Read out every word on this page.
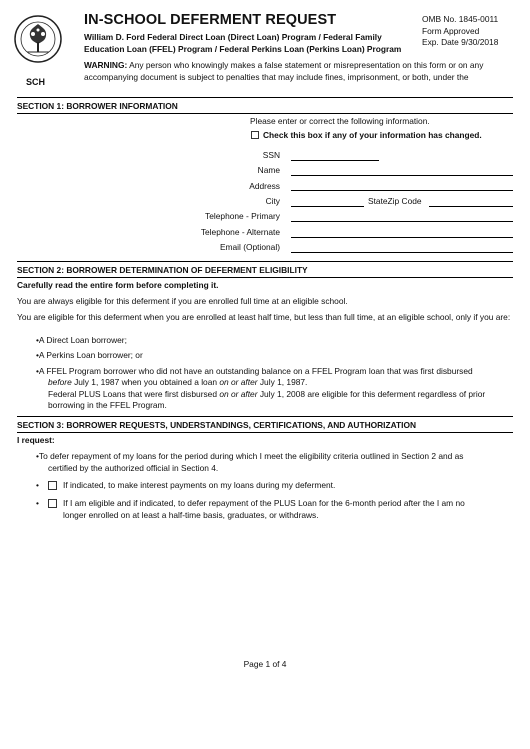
SCH
IN-SCHOOL DEFERMENT REQUEST
William D. Ford Federal Direct Loan (Direct Loan) Program / Federal Family Education Loan (FFEL) Program / Federal Perkins Loan (Perkins Loan) Program
OMB No. 1845-0011
Form Approved
Exp. Date 9/30/2018
WARNING: Any person who knowingly makes a false statement or misrepresentation on this form or on any accompanying document is subject to penalties that may include fines, imprisonment, or both, under the
SECTION 1: BORROWER INFORMATION
Please enter or correct the following information.
Check this box if any of your information has changed.
SSN
Name
Address
City	StateZip Code
Telephone - Primary
Telephone - Alternate
Email (Optional)
SECTION 2: BORROWER DETERMINATION OF DEFERMENT ELIGIBILITY
Carefully read the entire form before completing it.
You are always eligible for this deferment if you are enrolled full time at an eligible school.
You are eligible for this deferment when you are enrolled at least half time, but less than full time, at an eligible school, only if you are:
•A Direct Loan borrower;
•A Perkins Loan borrower; or
•A FFEL Program borrower who did not have an outstanding balance on a FFEL Program loan that was first disbursed
before July 1, 1987 when you obtained a loan on or after July 1, 1987.
Federal PLUS Loans that were first disbursed on or after July 1, 2008 are eligible for this deferment regardless of prior
borrowing in the FFEL Program.
SECTION 3: BORROWER REQUESTS, UNDERSTANDINGS, CERTIFICATIONS, AND AUTHORIZATION
I request:
•To defer repayment of my loans for the period during which I meet the eligibility criteria outlined in Section 2 and as
certified by the authorized official in Section 4.
•	If indicated, to make interest payments on my loans during my deferment.
•	If I am eligible and if indicated, to defer repayment of the PLUS Loan for the 6-month period after the I am no
longer enrolled on at least a half-time basis, graduates, or withdraws.
Page 1 of 4
